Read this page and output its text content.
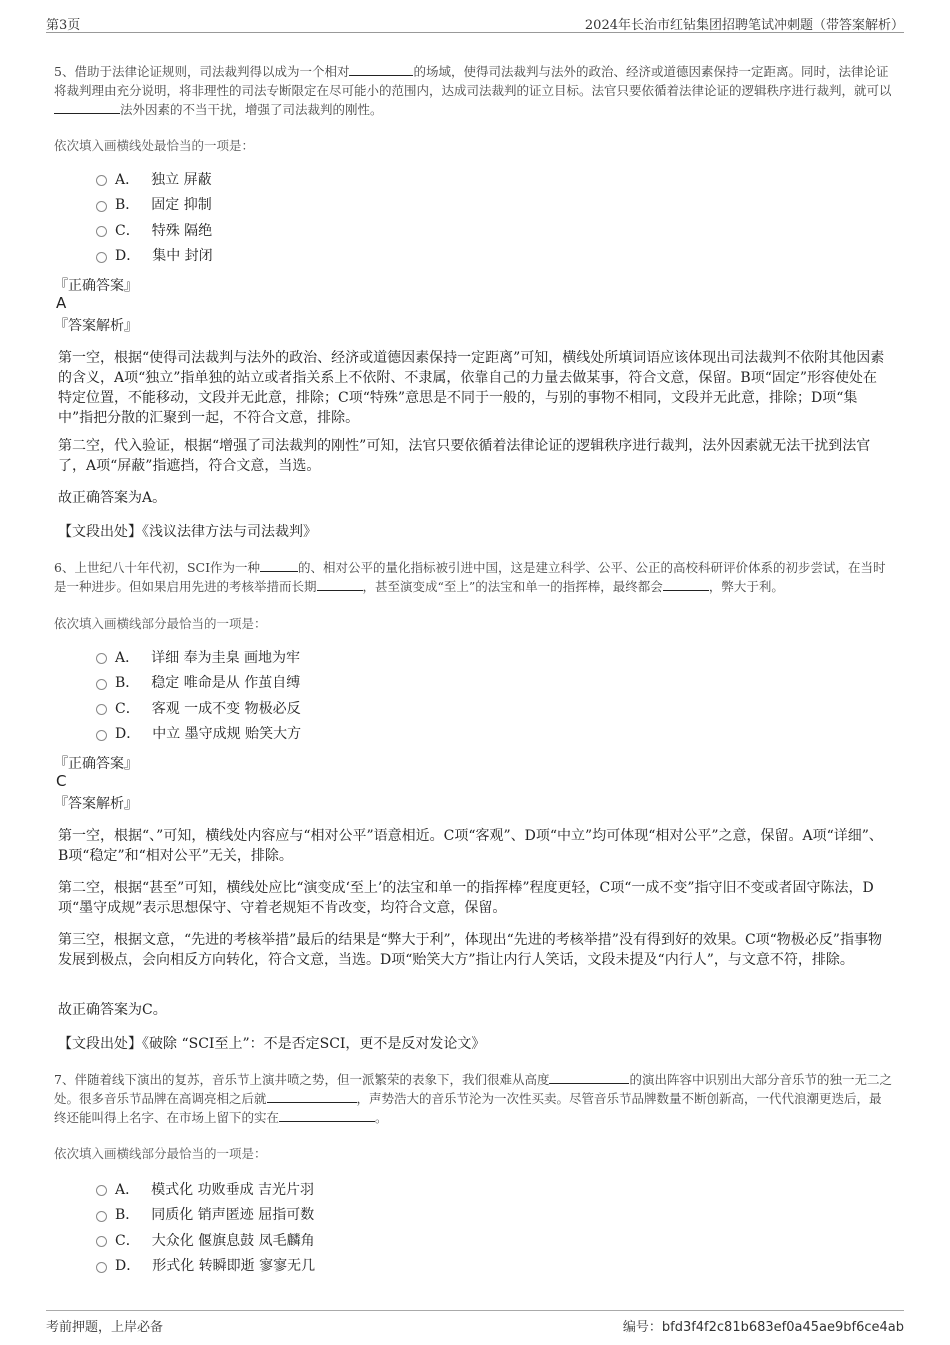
第3页	2024年长治市红钻集团招聘笔试冲刺题（带答案解析）
5、借助于法律论证规则，司法裁判得以成为一个相对	的场域，使得司法裁判与法外的政治、经济或道德因素保持一定距离。同时，法律论证将裁判理由充分说明，将非理性的司法专断限定在尽可能小的范围内，达成司法裁判的证立目标。法官只要依循着法律论证的逻辑秩序进行裁判，就可以法外因素的不当干扰，增强了司法裁判的刚性。
依次填入画横线处最恰当的一项是：
A． 独立 屏蔽
B． 固定 抑制
C． 特殊 隔绝
D． 集中 封闭
『正确答案』
A
『答案解析』
第一空，根据“使得司法裁判与法外的政治、经济或道德因素保持一定距离”可知，横线处所填词语应该体现出司法裁判不依附其他因素的含义，A项“独立”指单独的站立或者指关系上不依附、不隶属，依靠自己的力量去做某事，符合文意，保留。B项“固定”形容使处在特定位置，不能移动，文段并无此意，排除；C项“特殊”意思是不同于一般的，与别的事物不相同，文段并无此意，排除；D项“集中”指把分散的汇聚到一起，不符合文意，排除。
第二空，代入验证，根据“增强了司法裁判的刚性”可知，法官只要依循着法律论证的逻辑秩序进行裁判，法外因素就无法干扰到法官了，A项“屏蔽”指遮挡，符合文意，当选。
故正确答案为A。
【文段出处】《浅议法律方法与司法裁判》
6、上世纪八十年代初，SCI作为一种	的、相对公平的量化指标被引进中国，这是建立科学、公平、公正的高校科研评价体系的初步尝试，在当时是一种进步。但如果启用先进的考核举措而长期	，甚至演变成“至上”的法宝和单一的指挥棒，最终都会	，弊大于利。
依次填入画横线部分最恰当的一项是：
A． 详细 奉为圭臬 画地为牢
B． 稳定 唯命是从 作茧自缚
C． 客观 一成不变 物极必反
D． 中立 墨守成规 贻笑大方
『正确答案』
C
『答案解析』
第一空，根据“、”可知，横线处内容应与“相对公平”语意相近。C项“客观”、D项“中立”均可体现“相对公平”之意，保留。A项“详细”、B项“稳定”和“相对公平”无关，排除。
第二空，根据“甚至”可知，横线处应比“演变成‘至上’的法宝和单一的指挥棒”程度更轻，C项“一成不变”指守旧不变或者固守陈法，D项“墨守成规”表示思想保守、守着老规矩不肯改变，均符合文意，保留。
第三空，根据文意，“先进的考核举措”最后的结果是“弊大于利”，体现出“先进的考核举措”没有得到好的效果。C项“物极必反”指事物发展到极点，会向相反方向转化，符合文意，当选。D项“贻笑大方”指让内行人笑话，文段未提及“内行人”，与文意不符，排除。
故正确答案为C。
【文段出处】《破除 “SCI至上”：不是否定SCI，更不是反对发论文》
7、伴随着线下演出的复苏，音乐节上演井喷之势，但一派繁荣的表象下，我们很难从高度	的演出阵容中识别出大部分音乐节的独一无二之处。很多音乐节品牌在高调亮相之后就	，声势浩大的音乐节沦为一次性买卖。尽管音乐节品牌数量不断创新高，一代代浪潮更迭后，最终还能叫得上名字、在市场上留下的实在	。
依次填入画横线部分最恰当的一项是：
A． 模式化 功败垂成 吉光片羽
B． 同质化 销声匿迹 屈指可数
C． 大众化 偃旗息鼓 凤毛麟角
D． 形式化 转瞬即逝 寥寥无几
考前押题，上岸必备	编号：bfd3f4f2c81b683ef0a45ae9bf6ce4ab
